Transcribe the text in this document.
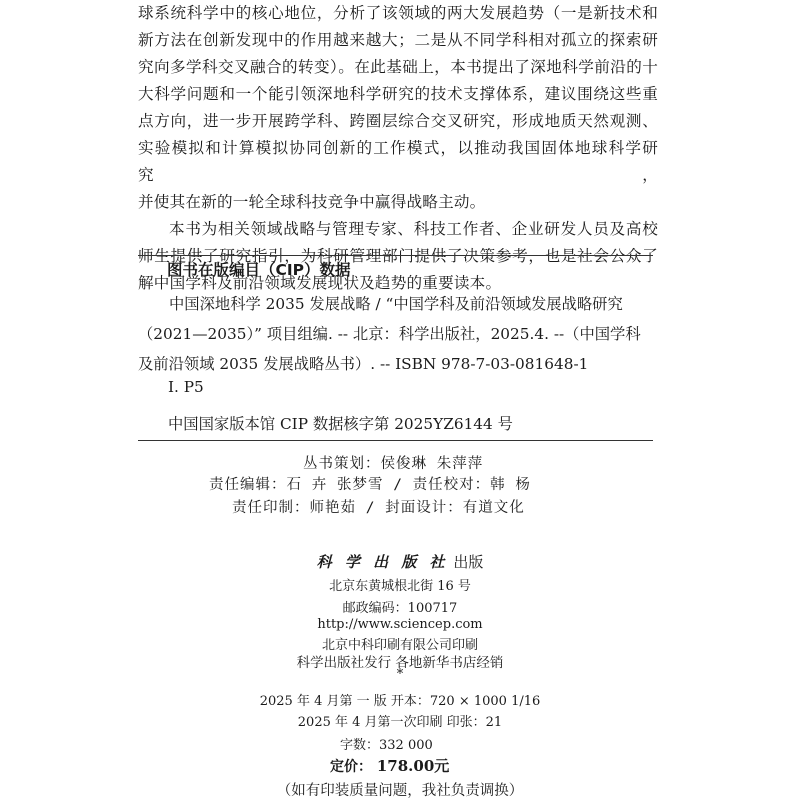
球系统科学中的核心地位，分析了该领域的两大发展趋势（一是新技术和

新方法在创新发现中的作用越来越大；二是从不同学科相对孤立的探索研

究向多学科交叉融合的转变）。在此基础上，本书提出了深地科学前沿的十

大科学问题和一个能引领深地科学研究的技术支撑体系，建议围绕这些重

点方向，进一步开展跨学科、跨圈层综合交叉研究，形成地质天然观测、

实验模拟和计算模拟协同创新的工作模式，以推动我国固体地球科学研究，

并使其在新的一轮全球科技竞争中赢得战略主动。

本书为相关领域战略与管理专家、科技工作者、企业研发人员及高校

师生提供了研究指引，为科研管理部门提供了决策参考，也是社会公众了

解中国学科及前沿领域发展现状及趋势的重要读本。

图书在版编目（CIP）数据
中国深地科学 2035 发展战略 / “中国学科及前沿领域发展战略研究
（2021—2035）” 项目组编. -- 北京：科学出版社，2025.4. --（中国学科
及前沿领域 2035 发展战略丛书）. -- ISBN 978-7-03-081648-1
Ⅰ. P5
中国国家版本馆 CIP 数据核字第 2025YZ6144 号
丛书策划：侯俊琳 朱萍萍
责任编辑：石 卉 张梦雪 / 责任校对：韩 杨
责任印制：师艳茹 / 封面设计：有道文化
科 学 出 版 社 出版
北京东黄城根北街 16 号
邮政编码：100717
http://www.sciencep.com
北京中科印刷有限公司印刷
科学出版社发行 各地新华书店经销
*
2025 年 4 月第 一 版 开本：720 × 1000 1/16
2025 年 4 月第一次印刷 印张：21
字数：332 000
定价： 178.00元
（如有印装质量问题，我社负责调换）
